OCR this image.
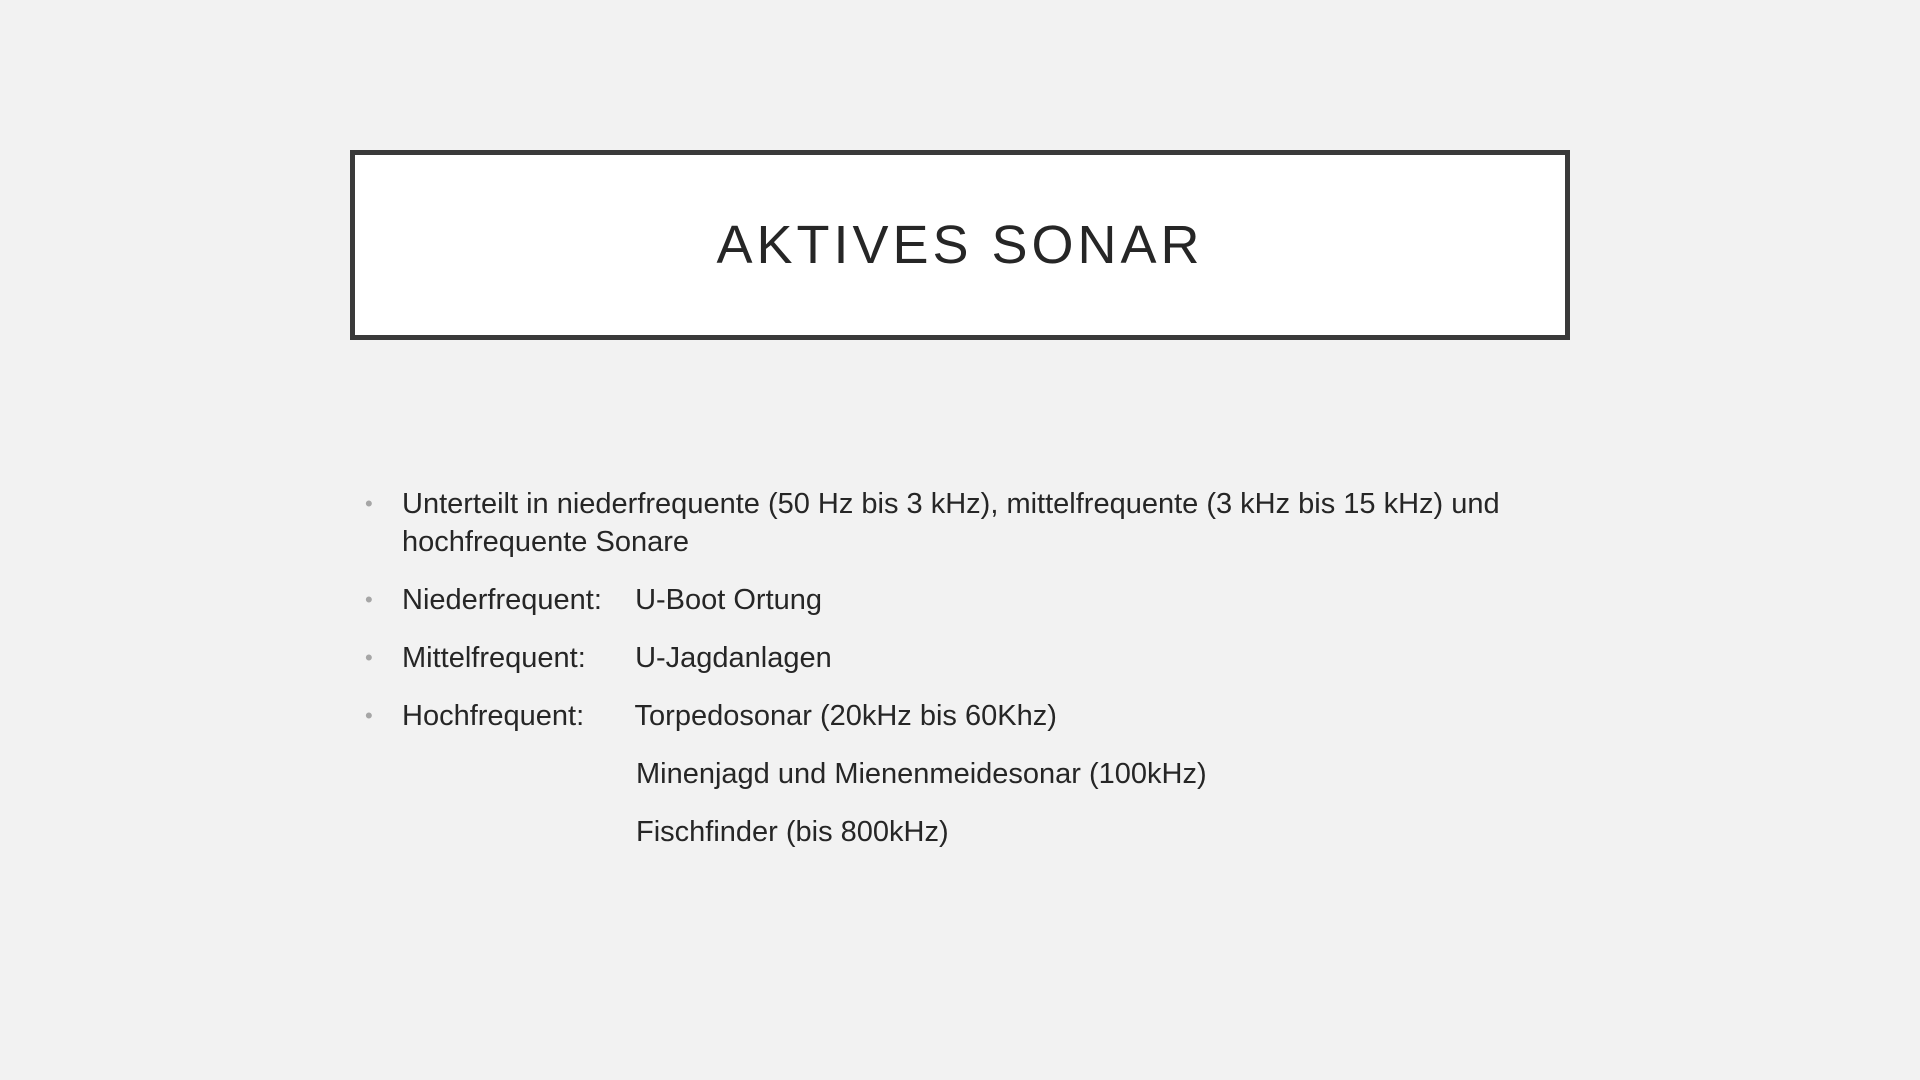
AKTIVES SONAR
• Unterteilt in niederfrequente (50 Hz bis 3 kHz), mittelfrequente (3 kHz bis 15 kHz) und hochfrequente Sonare
• Niederfrequent: U-Boot Ortung
• Mittelfrequent: U-Jagdanlagen
• Hochfrequent: Torpedosonar (20kHz bis 60Khz)
Minenjagd und Mienenmeidesonar (100kHz)
Fischfinder (bis 800kHz)
